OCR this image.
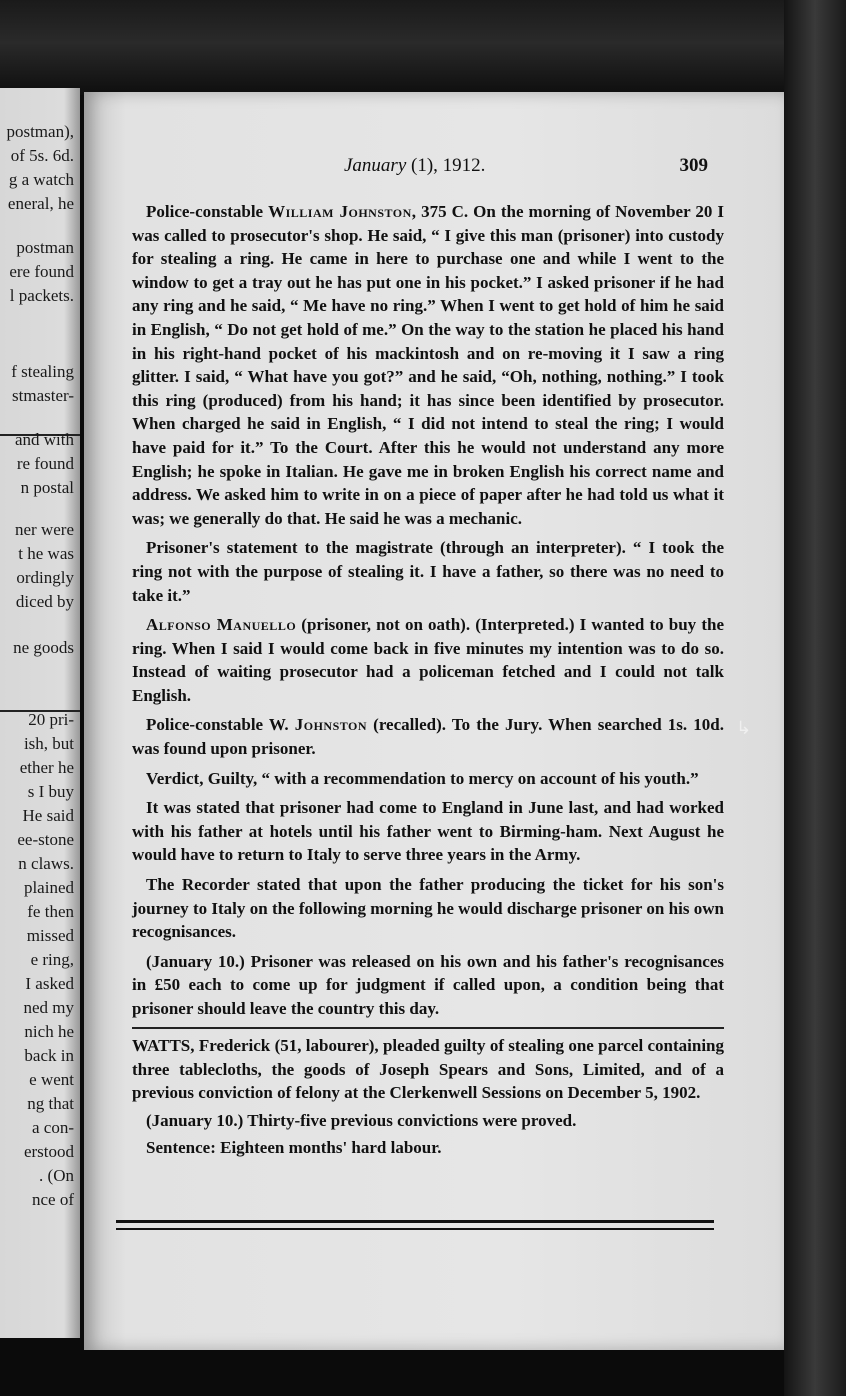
postman),
of 5s. 6d.
g a watch
eneral, he
postman
ere found
l packets.
f stealing
stmaster-
and with
re found
n postal
ner were
t he was
ordingly
diced by
ne goods
20 pri-
ish, but
ether he
s I buy
He said
ee-stone
n claws.
plained
fe then
missed
e ring,
I asked
ned my
nich he
back in
e went
ng that
a con-
erstood
. (On
nce of
January (1), 1912.	309

Police-constable William Johnston, 375 C. On the morning of November 20 I was called to prosecutor's shop. He said, “ I give this man (prisoner) into custody for stealing a ring. He came in here to purchase one and while I went to the window to get a tray out he has put one in his pocket.” I asked prisoner if he had any ring and he said, “ Me have no ring.” When I went to get hold of him he said in English, “ Do not get hold of me.” On the way to the station he placed his hand in his right-hand pocket of his mackintosh and on re-moving it I saw a ring glitter. I said, “ What have you got?” and he said, “Oh, nothing, nothing.” I took this ring (produced) from his hand; it has since been identified by prosecutor. When charged he said in English, “ I did not intend to steal the ring; I would have paid for it.” To the Court. After this he would not understand any more English; he spoke in Italian. He gave me in broken English his correct name and address. We asked him to write in on a piece of paper after he had told us what it was; we generally do that. He said he was a mechanic.

Prisoner's statement to the magistrate (through an interpreter). “ I took the ring not with the purpose of stealing it. I have a father, so there was no need to take it.”

Alfonso Manuello (prisoner, not on oath). (Interpreted.) I wanted to buy the ring. When I said I would come back in five minutes my intention was to do so. Instead of waiting prosecutor had a policeman fetched and I could not talk English.

Police-constable W. Johnston (recalled). To the Jury. When searched 1s. 10d. was found upon prisoner.

Verdict, Guilty, “ with a recommendation to mercy on account of his youth.”

It was stated that prisoner had come to England in June last, and had worked with his father at hotels until his father went to Birming-ham. Next August he would have to return to Italy to serve three years in the Army.

The Recorder stated that upon the father producing the ticket for his son's journey to Italy on the following morning he would discharge prisoner on his own recognisances.

(January 10.) Prisoner was released on his own and his father's recognisances in £50 each to come up for judgment if called upon, a condition being that prisoner should leave the country this day.

WATTS, Frederick (51, labourer), pleaded guilty of stealing one parcel containing three tablecloths, the goods of Joseph Spears and Sons, Limited, and of a previous conviction of felony at the Clerkenwell Sessions on December 5, 1902.

(January 10.) Thirty-five previous convictions were proved.

Sentence: Eighteen months' hard labour.

↳
